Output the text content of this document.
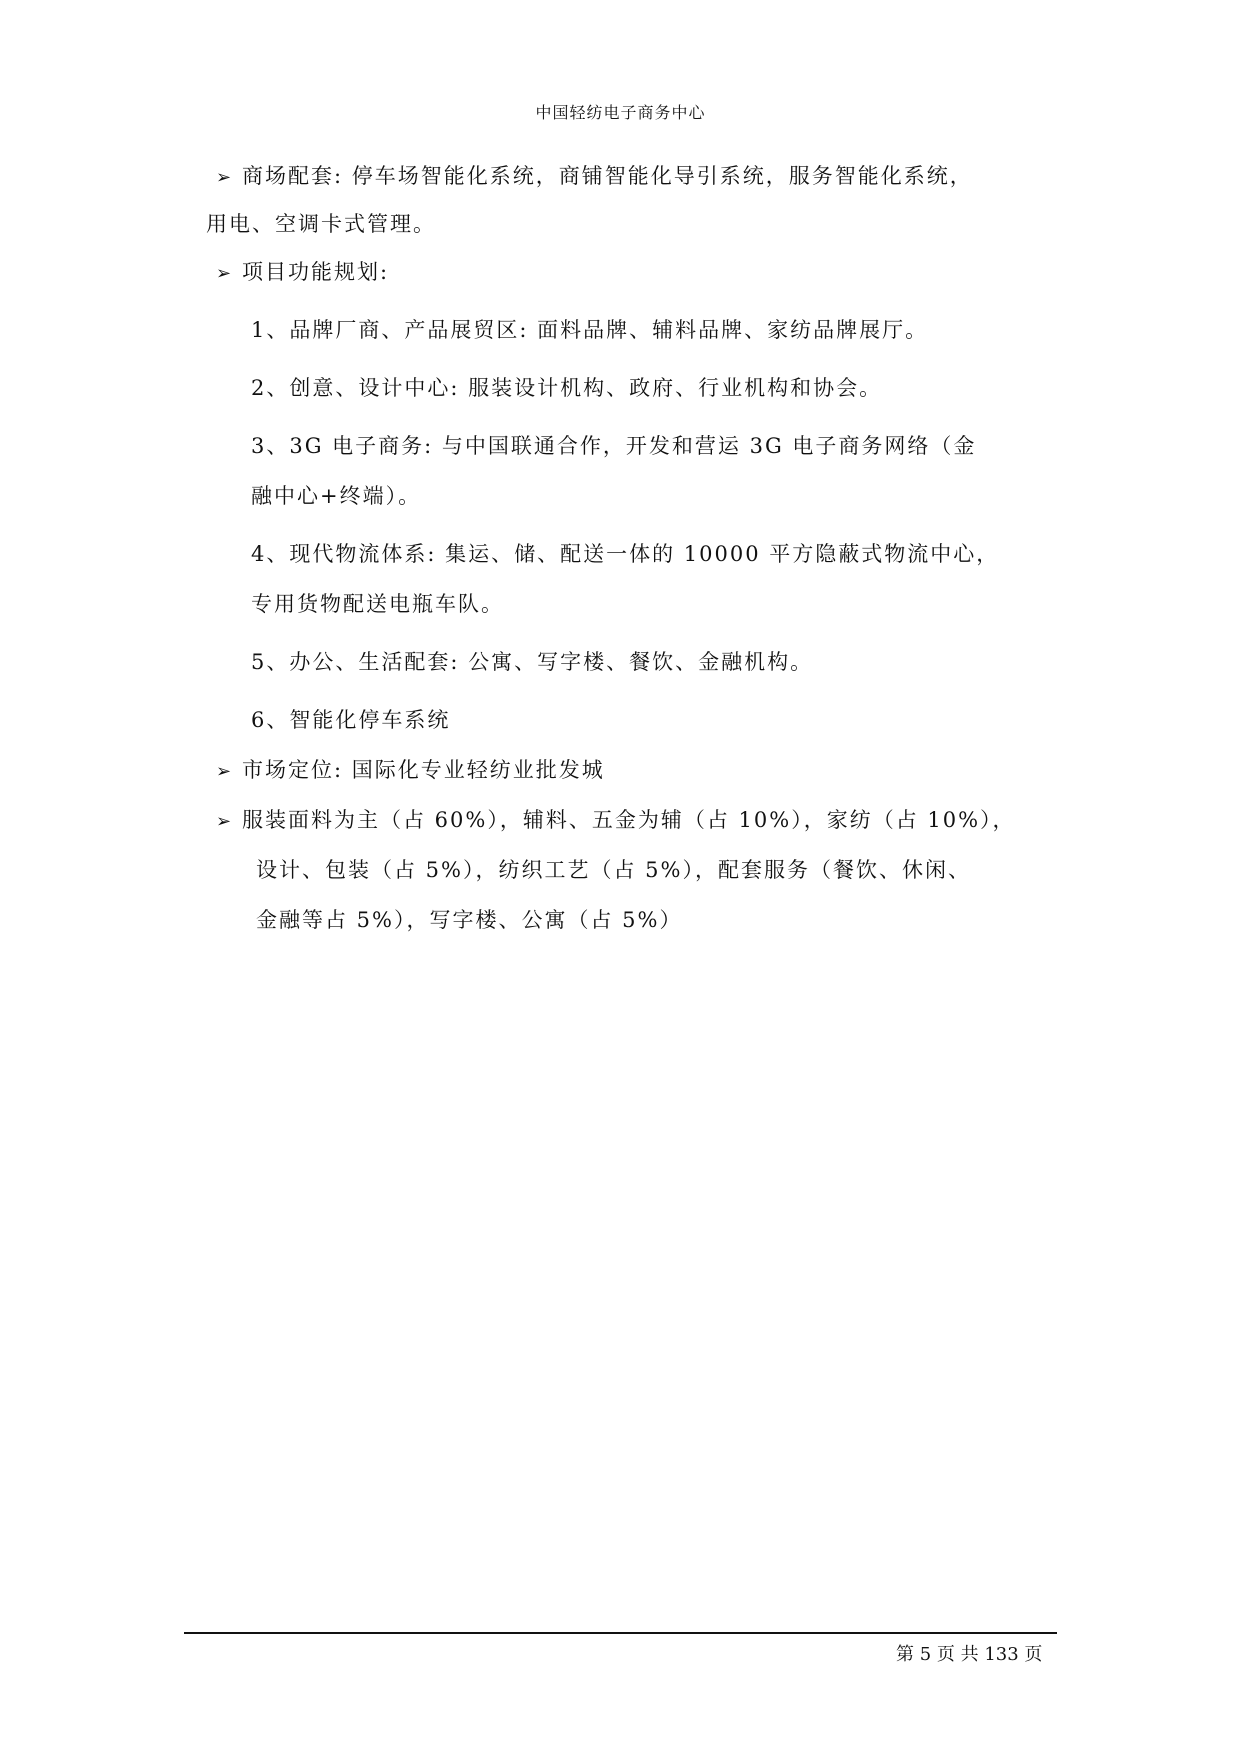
中国轻纺电子商务中心
➢ 商场配套: 停车场智能化系统，商铺智能化导引系统，服务智能化系统，
用电、空调卡式管理。
➢ 项目功能规划:
1、品牌厂商、产品展贸区: 面料品牌、辅料品牌、家纺品牌展厅。
2、创意、设计中心: 服装设计机构、政府、行业机构和协会。
3、3G 电子商务: 与中国联通合作，开发和营运 3G 电子商务网络（金
融中心+终端）。
4、现代物流体系: 集运、储、配送一体的 10000 平方隐蔽式物流中心，
专用货物配送电瓶车队。
5、办公、生活配套: 公寓、写字楼、餐饮、金融机构。
6、智能化停车系统
➢ 市场定位: 国际化专业轻纺业批发城
➢ 服装面料为主（占 60%），辅料、五金为辅（占 10%），家纺（占 10%），
设计、包装（占 5%），纺织工艺（占 5%），配套服务（餐饮、休闲、
金融等占 5%），写字楼、公寓（占 5%）
第 5 页 共 133 页
